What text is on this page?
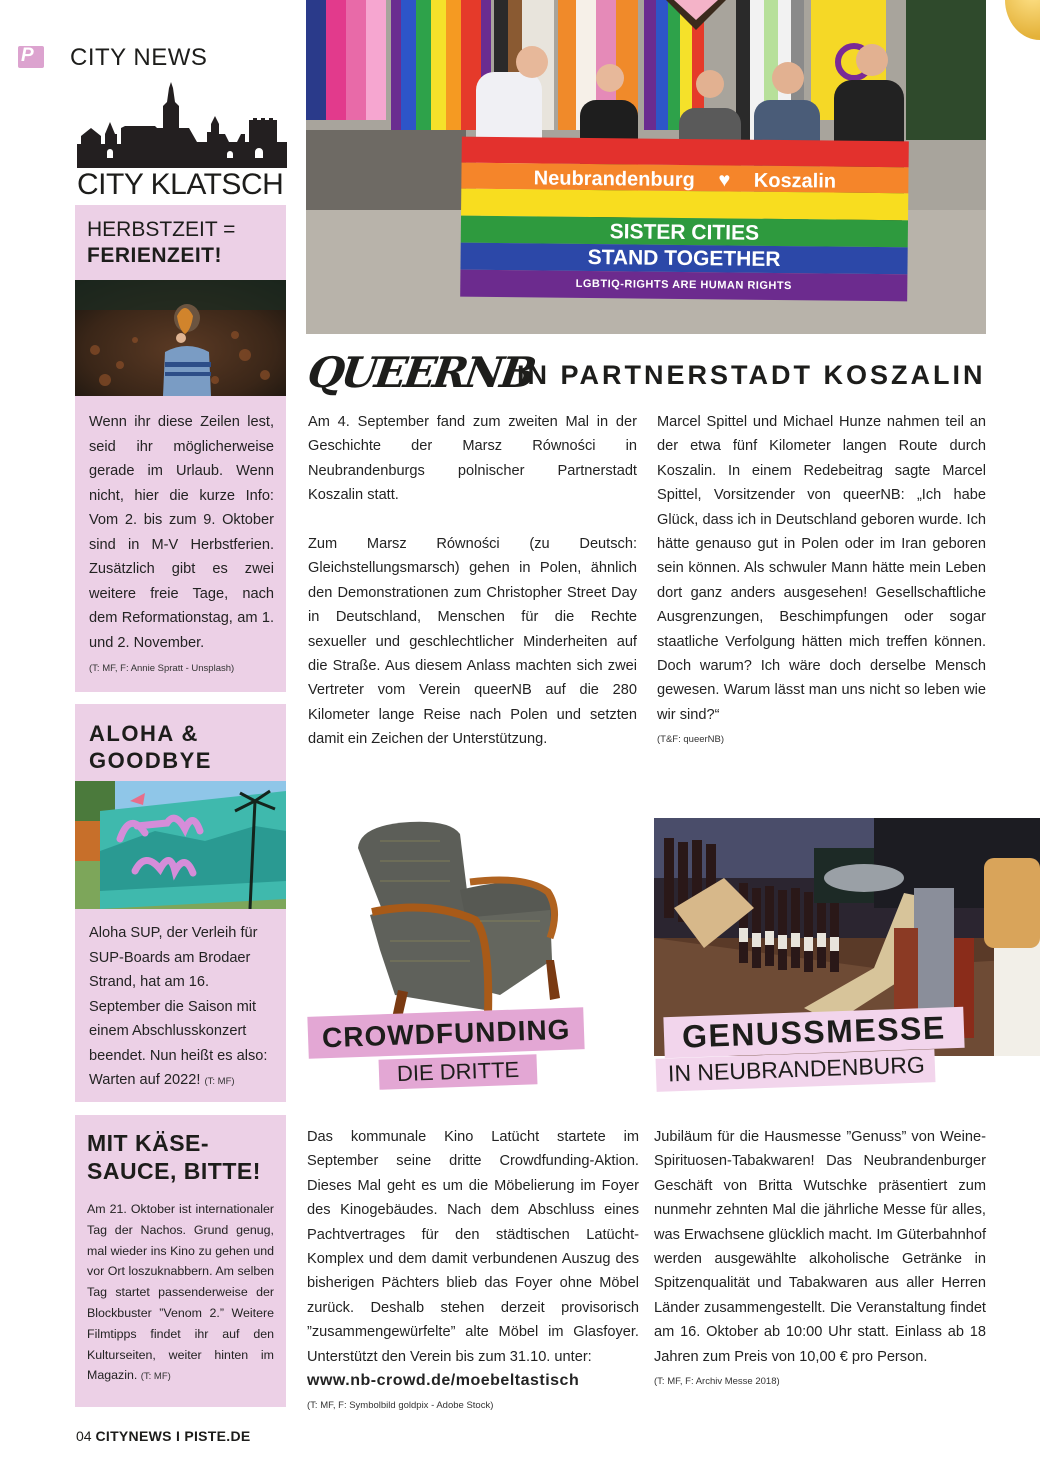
P CITY NEWS
CITY KLATSCH
HERBSTZEIT =
FERIENZEIT!
Wenn ihr diese Zeilen lest, seid ihr möglicherweise gerade im Urlaub. Wenn nicht, hier die kurze Info: Vom 2. bis zum 9. Oktober sind in M-V Herbstferien. Zusätzlich gibt es zwei weitere freie Tage, nach dem Reformationstag, am 1. und 2. November.
(T: MF, F: Annie Spratt - Unsplash)
ALOHA &
GOODBYE
Aloha SUP, der Verleih für SUP-Boards am Brodaer Strand, hat am 16. September die Saison mit einem Abschlusskonzert beendet. Nun heißt es also: Warten auf 2022! (T: MF)
MIT KÄSE-
SAUCE, BITTE!
Am 21. Oktober ist internationaler Tag der Nachos. Grund genug, mal wieder ins Kino zu gehen und vor Ort loszuknabbern. Am selben Tag startet passenderweise der Blockbuster ”Venom 2.” Weitere Filmtipps findet ihr auf den Kulturseiten, weiter hinten im Magazin. (T: MF)
Neubrandenburg ♥ Koszalin
SISTER CITIES
STAND TOGETHER
LGBTIQ-RIGHTS ARE HUMAN RIGHTS
QUEERNB
IN PARTNERSTADT KOSZALIN

Am 4. September fand zum zweiten Mal in der Geschichte der Marsz Równości in Neubrandenburgs polnischer Partnerstadt Koszalin statt.

Zum Marsz Równości (zu Deutsch: Gleichstellungsmarsch) gehen in Polen, ähnlich den Demonstrationen zum Christopher Street Day in Deutschland, Menschen für die Rechte sexueller und geschlechtlicher Minderheiten auf die Straße. Aus diesem Anlass machten sich zwei Vertreter vom Verein queerNB auf die 280 Kilometer lange Reise nach Polen und setzten damit ein Zeichen der Unterstützung.

Marcel Spittel und Michael Hunze nahmen teil an der etwa fünf Kilometer langen Route durch Koszalin. In einem Redebeitrag sagte Marcel Spittel, Vorsitzender von queerNB: „Ich habe Glück, dass ich in Deutschland geboren wurde. Ich hätte genauso gut in Polen oder im Iran geboren sein können. Als schwuler Mann hätte mein Leben dort ganz anders ausgesehen! Gesellschaftliche Ausgrenzungen, Beschimpfungen oder sogar staatliche Verfolgung hätten mich treffen können. Doch warum? Ich wäre doch derselbe Mensch gewesen. Warum lässt man uns nicht so leben wie wir sind?“
(T&F: queerNB)
CROWDFUNDING
DIE DRITTE
GENUSSMESSE
IN NEUBRANDENBURG
Das kommunale Kino Latücht startete im September seine dritte Crowdfunding-Aktion. Dieses Mal geht es um die Möbelierung im Foyer des Kinogebäudes. Nach dem Abschluss eines Pachtvertrages für den städtischen Latücht-Komplex und dem damit verbundenen Auszug des bisherigen Pächters blieb das Foyer ohne Möbel zurück. Deshalb stehen derzeit provisorisch ”zusammengewürfelte” alte Möbel im Glasfoyer. Unterstützt den Verein bis zum 31.10. unter:
www.nb-crowd.de/moebeltastisch
(T: MF, F: Symbolbild goldpix - Adobe Stock)
Jubiläum für die Hausmesse ”Genuss” von Weine-Spirituosen-Tabakwaren! Das Neubrandenburger Geschäft von Britta Wutschke präsentiert zum nunmehr zehnten Mal die jährliche Messe für alles, was Erwachsene glücklich macht. Im Güterbahnhof werden ausgewählte alkoholische Getränke in Spitzenqualität und Tabakwaren aus aller Herren Länder zusammengestellt. Die Veranstaltung findet am 16. Oktober ab 10:00 Uhr statt. Einlass ab 18 Jahren zum Preis von 10,00 € pro Person.
(T: MF, F: Archiv Messe 2018)
04 CITYNEWS I PISTE.DE
